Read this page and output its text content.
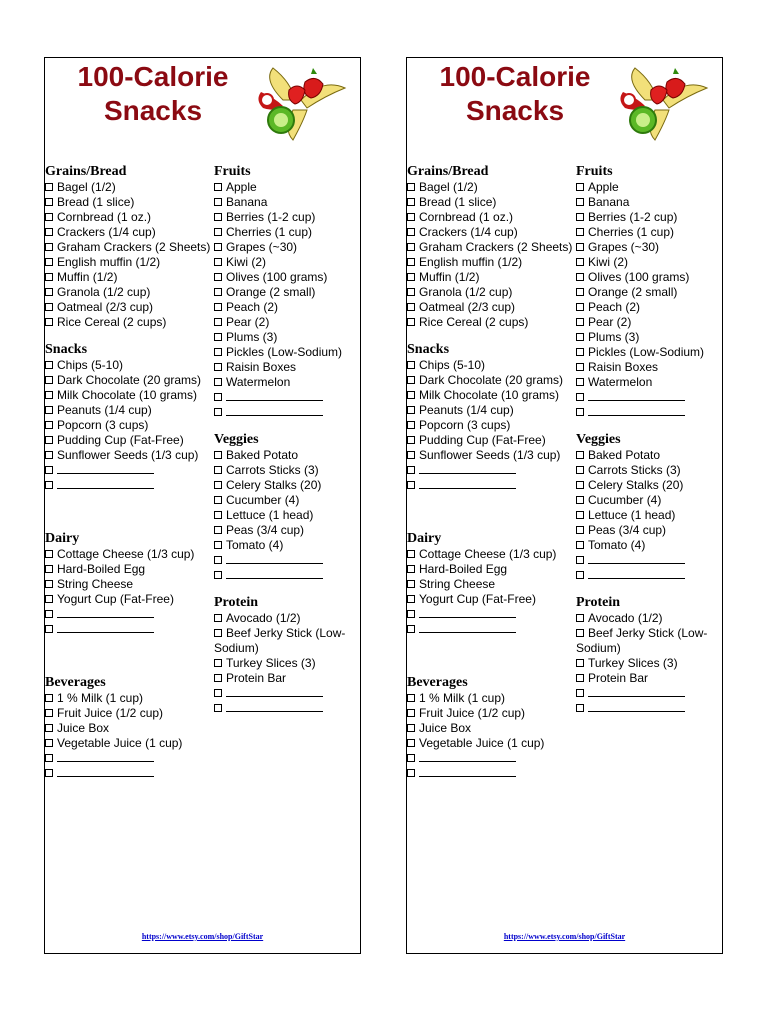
100-Calorie
Snacks
Grains/Bread
Bagel (1/2)
Bread (1 slice)
Cornbread (1 oz.)
Crackers (1/4 cup)
Graham Crackers (2 Sheets)
English muffin (1/2)
Muffin (1/2)
Granola (1/2 cup)
Oatmeal (2/3 cup)
Rice Cereal (2 cups)
Snacks
Chips (5-10)
Dark Chocolate (20 grams)
Milk Chocolate (10 grams)
Peanuts (1/4 cup)
Popcorn (3 cups)
Pudding Cup (Fat-Free)
Sunflower Seeds (1/3 cup)
Dairy
Cottage Cheese (1/3 cup)
Hard-Boiled Egg
String Cheese
Yogurt Cup (Fat-Free)
Beverages
1 % Milk (1 cup)
Fruit Juice (1/2 cup)
Juice Box
Vegetable Juice (1 cup)
Fruits
Apple
Banana
Berries (1-2 cup)
Cherries (1 cup)
Grapes (~30)
Kiwi (2)
Olives (100 grams)
Orange (2 small)
Peach (2)
Pear (2)
Plums (3)
Pickles (Low-Sodium)
Raisin Boxes
Watermelon
Veggies
Baked Potato
Carrots Sticks (3)
Celery Stalks (20)
Cucumber (4)
Lettuce (1 head)
Peas (3/4 cup)
Tomato (4)
Protein
Avocado (1/2)
Beef Jerky Stick (Low-Sodium)
Turkey Slices (3)
Protein Bar
https://www.etsy.com/shop/GiftStar
100-Calorie
Snacks
Grains/Bread
Bagel (1/2)
Bread (1 slice)
Cornbread (1 oz.)
Crackers (1/4 cup)
Graham Crackers (2 Sheets)
English muffin (1/2)
Muffin (1/2)
Granola (1/2 cup)
Oatmeal (2/3 cup)
Rice Cereal (2 cups)
Snacks
Chips (5-10)
Dark Chocolate (20 grams)
Milk Chocolate (10 grams)
Peanuts (1/4 cup)
Popcorn (3 cups)
Pudding Cup (Fat-Free)
Sunflower Seeds (1/3 cup)
Dairy
Cottage Cheese (1/3 cup)
Hard-Boiled Egg
String Cheese
Yogurt Cup (Fat-Free)
Beverages
1 % Milk (1 cup)
Fruit Juice (1/2 cup)
Juice Box
Vegetable Juice (1 cup)
Fruits
Apple
Banana
Berries (1-2 cup)
Cherries (1 cup)
Grapes (~30)
Kiwi (2)
Olives (100 grams)
Orange (2 small)
Peach (2)
Pear (2)
Plums (3)
Pickles (Low-Sodium)
Raisin Boxes
Watermelon
Veggies
Baked Potato
Carrots Sticks (3)
Celery Stalks (20)
Cucumber (4)
Lettuce (1 head)
Peas (3/4 cup)
Tomato (4)
Protein
Avocado (1/2)
Beef Jerky Stick (Low-Sodium)
Turkey Slices (3)
Protein Bar
https://www.etsy.com/shop/GiftStar
